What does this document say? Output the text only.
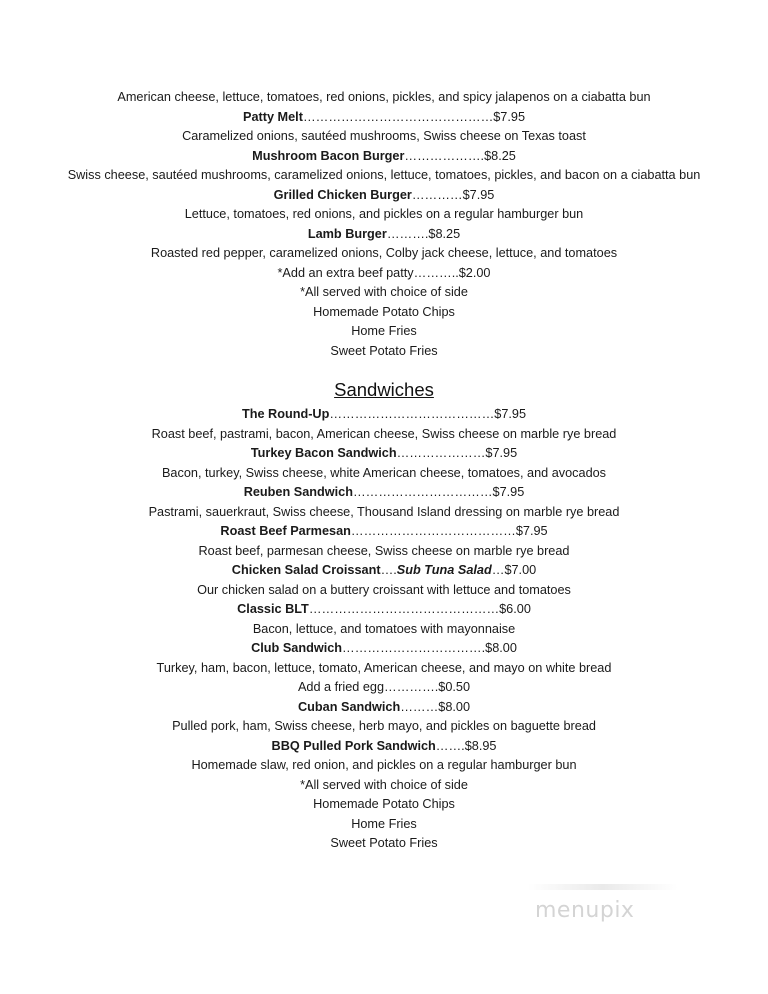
American cheese, lettuce, tomatoes, red onions, pickles, and spicy jalapenos on a ciabatta bun
Patty Melt………………………………………$7.95
Caramelized onions, sautéed mushrooms, Swiss cheese on Texas toast
Mushroom Bacon Burger……………….$8.25
Swiss cheese, sautéed mushrooms, caramelized onions, lettuce, tomatoes, pickles, and bacon on a ciabatta bun
Grilled Chicken Burger…………$7.95
Lettuce, tomatoes, red onions, and pickles on a regular hamburger bun
Lamb Burger……….$8.25
Roasted red pepper, caramelized onions, Colby jack cheese, lettuce, and tomatoes
*Add an extra beef patty………..$2.00
*All served with choice of side
Homemade Potato Chips
Home Fries
Sweet Potato Fries
Sandwiches
The Round-Up…………………………………$7.95
Roast beef, pastrami, bacon, American cheese, Swiss cheese on marble rye bread
Turkey Bacon Sandwich…………………$7.95
Bacon, turkey, Swiss cheese, white American cheese, tomatoes, and avocados
Reuben Sandwich……………………………$7.95
Pastrami, sauerkraut, Swiss cheese, Thousand Island dressing on marble rye bread
Roast Beef Parmesan…………………………………$7.95
Roast beef, parmesan cheese, Swiss cheese on marble rye bread
Chicken Salad Croissant….Sub Tuna Salad…$7.00
Our chicken salad on a buttery croissant with lettuce and tomatoes
Classic BLT………………………………………$6.00
Bacon, lettuce, and tomatoes with mayonnaise
Club Sandwich…………………………….$8.00
Turkey, ham, bacon, lettuce, tomato, American cheese, and mayo on white bread
Add a fried egg………….$0.50
Cuban Sandwich………$8.00
Pulled pork, ham, Swiss cheese, herb mayo, and pickles on baguette bread
BBQ Pulled Pork Sandwich…….$8.95
Homemade slaw, red onion, and pickles on a regular hamburger bun
*All served with choice of side
Homemade Potato Chips
Home Fries
Sweet Potato Fries
menupix
